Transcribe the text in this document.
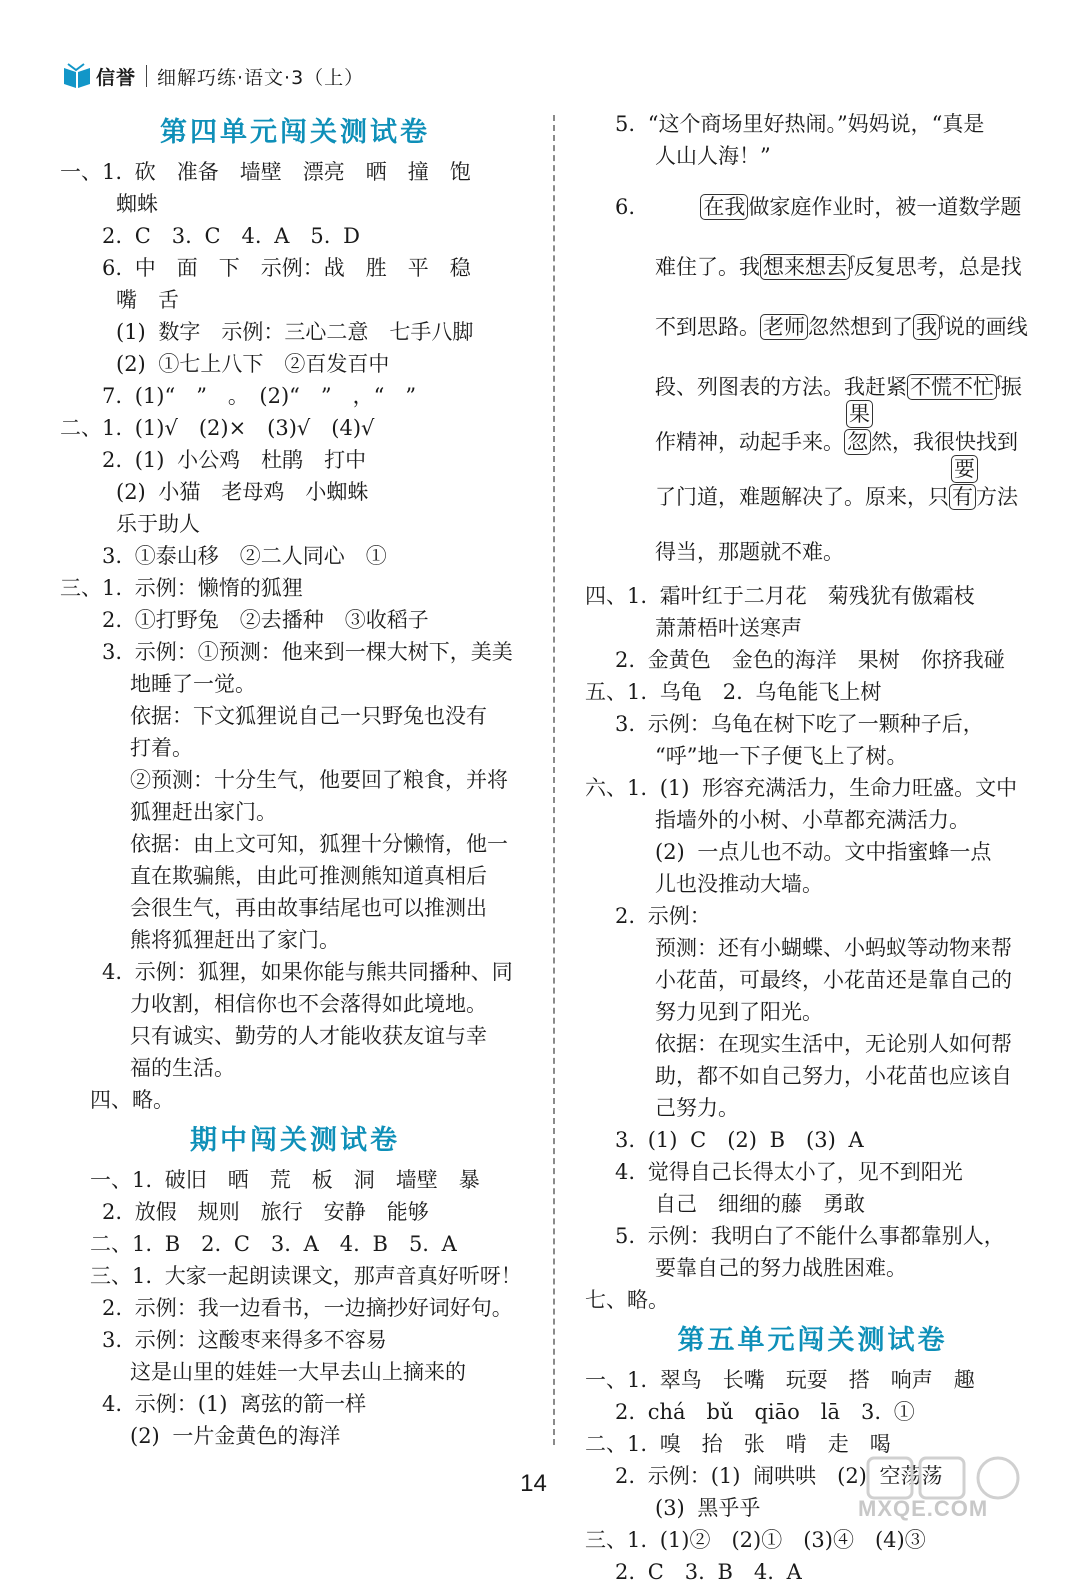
信誉 细解巧练·语文·3（上）
第四单元闯关测试卷
一、1. 砍　准备　墙壁　漂亮　晒　撞　饱
蜘蛛
2. C　3. C　4. A　5. D
6. 中　面　下　示例：战　胜　平　稳
嘴　舌
(1) 数字　示例：三心二意　七手八脚
(2) ①七上八下　②百发百中
7. (1)“　”　。　(2)“　”　，“　”
二、1. (1)√　(2)×　(3)√　(4)√
2. (1) 小公鸡　杜鹃　打中
(2) 小猫　老母鸡　小蜘蛛
乐于助人
3. ①泰山移　②二人同心　①
三、1. 示例：懒惰的狐狸
2. ①打野兔　②去播种　③收稻子
3. 示例：①预测：他来到一棵大树下，美美
地睡了一觉。
依据：下文狐狸说自己一只野兔也没有
打着。
②预测：十分生气，他要回了粮食，并将
狐狸赶出家门。
依据：由上文可知，狐狸十分懒惰，他一
直在欺骗熊，由此可推测熊知道真相后
会很生气，再由故事结尾也可以推测出
熊将狐狸赶出了家门。
4. 示例：狐狸，如果你能与熊共同播种、同
力收割，相信你也不会落得如此境地。
只有诚实、勤劳的人才能收获友谊与幸
福的生活。
四、略。
期中闯关测试卷
一、1. 破旧　晒　荒　板　洞　墙壁　暴
2. 放假　规则　旅行　安静　能够
二、1. B　2. C　3. A　4. B　5. A
三、1. 大家一起朗读课文，那声音真好听呀！
2. 示例：我一边看书，一边摘抄好词好句。
3. 示例：这酸枣来得多不容易
这是山里的娃娃一大早去山上摘来的
4. 示例：(1) 离弦的箭一样
(2) 一片金黄色的海洋
5. “这个商场里好热闹。”妈妈说，“真是
人山人海！”
6.	在我 做家庭作业时，被一道数学题
难住了。我 想来想去 $^ʃ$反复思考，总是找
不到思路。 老师 忽然想到了 我 $^ʃ$说的画线
段、列图表的方法。我赶紧 不慌不忙 $^ʃ$振
作精神，动起手来。
果
忽 然，我很快找到
了门道，难题解决了。原来，只
要
有 方法
得当，那题就不难。
四、1. 霜叶红于二月花　菊残犹有傲霜枝
萧萧梧叶送寒声
2. 金黄色　金色的海洋　果树　你挤我碰
五、1. 乌龟　2. 乌龟能飞上树
3. 示例：乌龟在树下吃了一颗种子后，
“呼”地一下子便飞上了树。
六、1. (1) 形容充满活力，生命力旺盛。文中
指墙外的小树、小草都充满活力。
(2) 一点儿也不动。文中指蜜蜂一点
儿也没推动大墙。
2. 示例：
预测：还有小蝴蝶、小蚂蚁等动物来帮
小花苗，可最终，小花苗还是靠自己的
努力见到了阳光。
依据：在现实生活中，无论别人如何帮
助，都不如自己努力，小花苗也应该自
己努力。
3. (1) C　(2) B　(3) A
4. 觉得自己长得太小了，见不到阳光
自己　细细的藤　勇敢
5. 示例：我明白了不能什么事都靠别人，
要靠自己的努力战胜困难。
七、略。
第五单元闯关测试卷
一、1. 翠鸟　长嘴　玩耍　搭　响声　趣
2. chá　bǔ　qiāo　lā　3. ①
二、1. 嗅　抬　张　啃　走　喝
2. 示例：(1) 闹哄哄　(2) 空荡荡
(3) 黑乎乎
三、1. (1)②　(2)①　(3)④　(4)③
2. C　3. B　4. A
14
MXQE.COM
